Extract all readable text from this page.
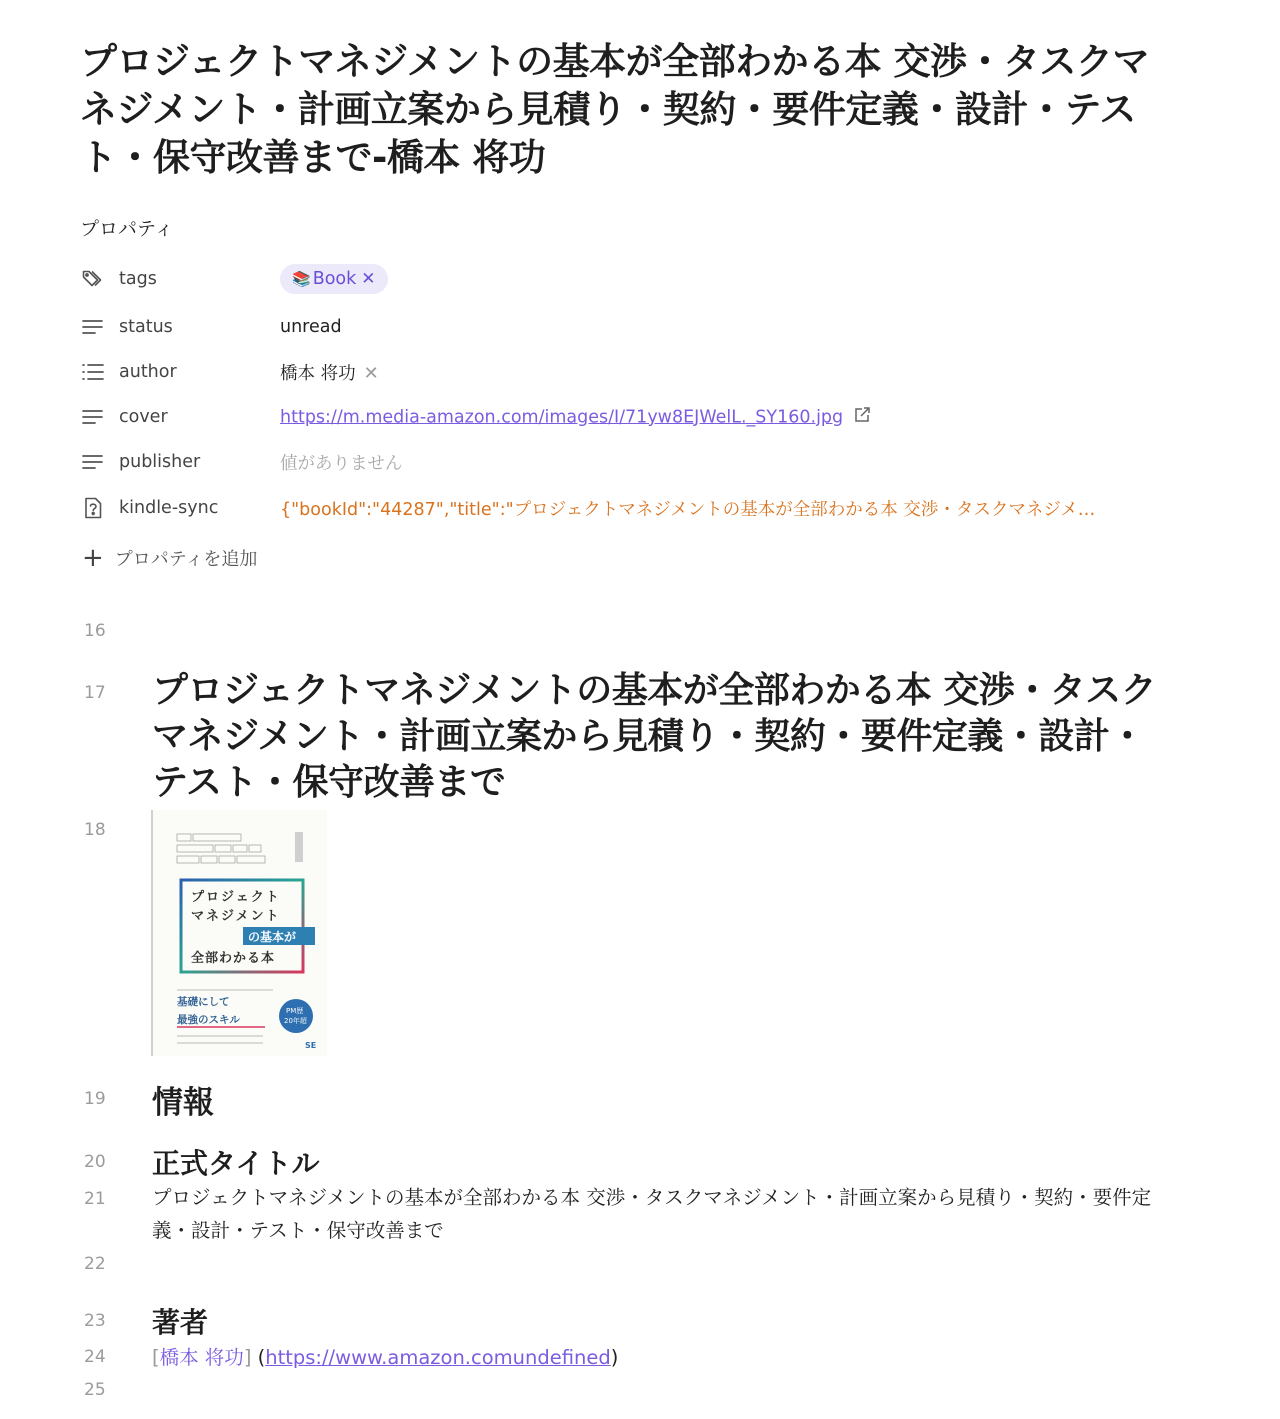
プロジェクトマネジメントの基本が全部わかる本 交渉・タスクマネジメント・計画立案から見積り・契約・要件定義・設計・テスト・保守改善まで-橋本 将功
プロパティ
tags	📚 Book ✕
status	unread
author	橋本 将功 ✕
cover	https://m.media-amazon.com/images/I/71yw8EJWelL._SY160.jpg
publisher	値がありません
kindle-sync	{"bookId":"44287","title":"プロジェクトマネジメントの基本が全部わかる本 交渉・タスクマネジメ…
+ プロパティを追加
16
17
18
19
20
21
22
23
24
25
プロジェクトマネジメントの基本が全部わかる本 交渉・タスクマネジメント・計画立案から見積り・契約・要件定義・設計・テスト・保守改善まで
プロジェクト
マネジメント
の基本が
全部わかる本
基礎にして
最強のスキル
PM歴
20年超
SE
情報
正式タイトル
プロジェクトマネジメントの基本が全部わかる本 交渉・タスクマネジメント・計画立案から見積り・契約・要件定義・設計・テスト・保守改善まで
著者
[橋本 将功] (https://www.amazon.comundefined)
